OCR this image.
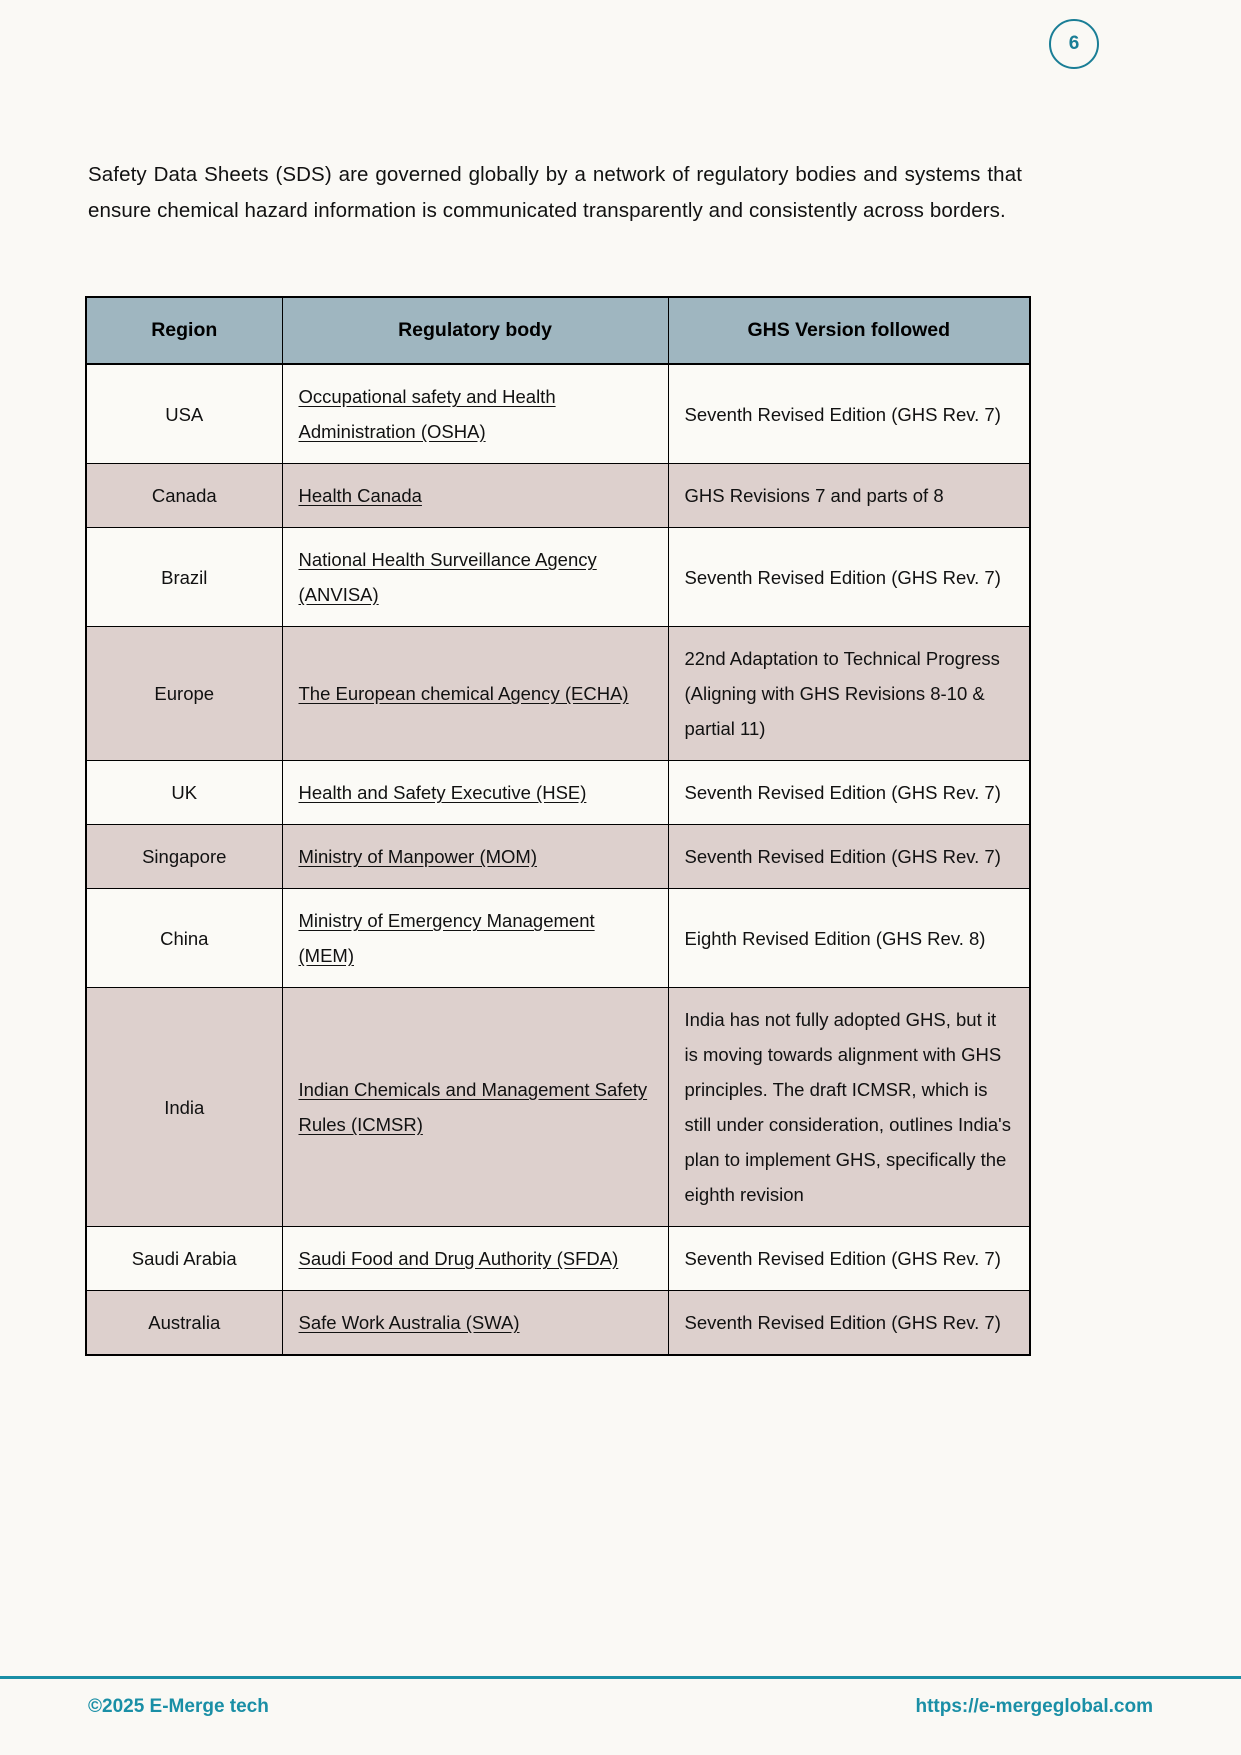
6

Safety Data Sheets (SDS) are governed globally by a network of regulatory bodies and systems that ensure chemical hazard information is communicated transparently and consistently across borders.

Region	Regulatory body	GHS Version followed
USA	Occupational safety and Health Administration (OSHA)	Seventh Revised Edition (GHS Rev. 7)
Canada	Health Canada	GHS Revisions 7 and parts of 8
Brazil	National Health Surveillance Agency (ANVISA)	Seventh Revised Edition (GHS Rev. 7)
Europe	The European chemical Agency (ECHA)	22nd Adaptation to Technical Progress (Aligning with GHS Revisions 8-10 & partial 11)
UK	Health and Safety Executive (HSE)	Seventh Revised Edition (GHS Rev. 7)
Singapore	Ministry of Manpower (MOM)	Seventh Revised Edition (GHS Rev. 7)
China	Ministry of Emergency Management (MEM)	Eighth Revised Edition (GHS Rev. 8)
India	Indian Chemicals and Management Safety Rules (ICMSR)	India has not fully adopted GHS, but it is moving towards alignment with GHS principles. The draft ICMSR, which is still under consideration, outlines India's plan to implement GHS, specifically the eighth revision
Saudi Arabia	Saudi Food and Drug Authority (SFDA)	Seventh Revised Edition (GHS Rev. 7)
Australia	Safe Work Australia (SWA)	Seventh Revised Edition (GHS Rev. 7)
©2025 E-Merge tech	https://e-mergeglobal.com
